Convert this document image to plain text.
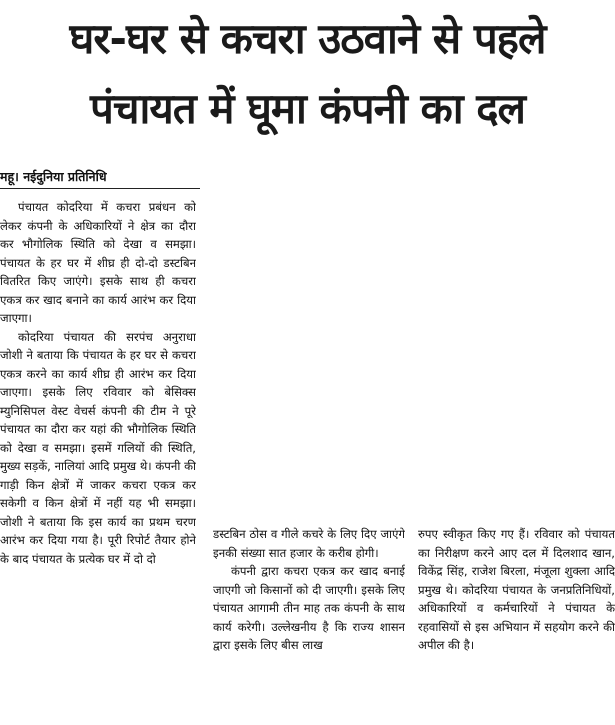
घर-घर से कचरा उठवाने से पहले
पंचायत में घूमा कंपनी का दल
महू। नईदुनिया प्रतिनिधि

पंचायत कोदरिया में कचरा प्रबंधन को लेकर कंपनी के अधिकारियों ने क्षेत्र का दौरा कर भौगोलिक स्थिति को देखा व समझा। पंचायत के हर घर में शीघ्र ही दो-दो डस्टबिन वितरित किए जाएंगे। इसके साथ ही कचरा एकत्र कर खाद बनाने का कार्य आरंभ कर दिया जाएगा।

कोदरिया पंचायत की सरपंच अनुराधा जोशी ने बताया कि पंचायत के हर घर से कचरा एकत्र करने का कार्य शीघ्र ही आरंभ कर दिया जाएगा। इसके लिए रविवार को बेसिक्स म्युनिसिपल वेस्ट वेचर्स कंपनी की टीम ने पूरे पंचायत का दौरा कर यहां की भौगोलिक स्थिति को देखा व समझा। इसमें गलियों की स्थिति, मुख्य सड़कें, नालियां आदि प्रमुख थे। कंपनी की गाड़ी किन क्षेत्रों में जाकर कचरा एकत्र कर सकेगी व किन क्षेत्रों में नहीं यह भी समझा। जोशी ने बताया कि इस कार्य का प्रथम चरण आरंभ कर दिया गया है। पूरी रिपोर्ट तैयार होने के बाद पंचायत के प्रत्येक घर में दो दो

डस्टबिन ठोस व गीले कचरे के लिए दिए जाएंगे इनकी संख्या सात हजार के करीब होगी।

कंपनी द्वारा कचरा एकत्र कर खाद बनाई जाएगी जो किसानों को दी जाएगी। इसके लिए पंचायत आगामी तीन माह तक कंपनी के साथ कार्य करेगी। उल्लेखनीय है कि राज्य शासन द्वारा इसके लिए बीस लाख

रुपए स्वीकृत किए गए हैं। रविवार को पंचायत का निरीक्षण करने आए दल में दिलशाद खान, विकेंद्र सिंह, राजेश बिरला, मंजूला शुक्ला आदि प्रमुख थे। कोदरिया पंचायत के जनप्रतिनिधियों, अधिकारियों व कर्मचारियों ने पंचायत के रहवासियों से इस अभियान में सहयोग करने की अपील की है।
